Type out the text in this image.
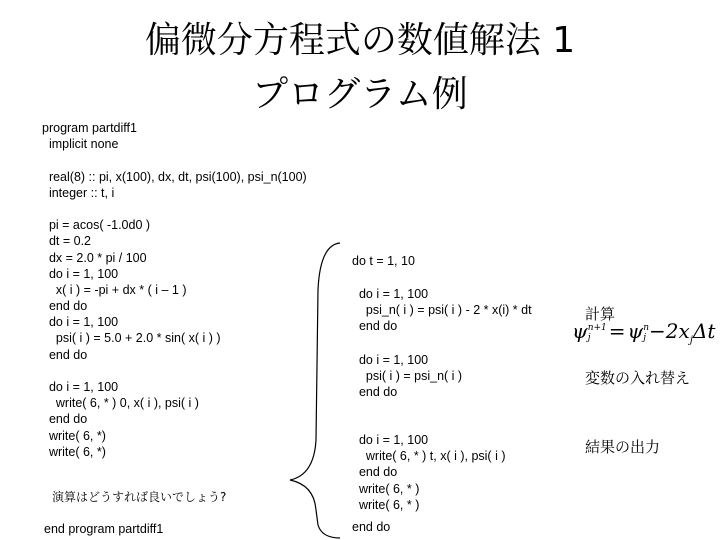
偏微分方程式の数値解法 1
プログラム例
program partdiff1
implicit none
real(8) :: pi, x(100), dx, dt, psi(100), psi_n(100)
integer :: t, i
pi = acos( -1.0d0 )
dt = 0.2
dx = 2.0 * pi / 100
do i = 1, 100
x( i ) = -pi + dx * ( i – 1 )
end do
do i = 1, 100
psi( i ) = 5.0 + 2.0 * sin( x( i ) )
end do
do i = 1, 100
write( 6, * ) 0, x( i ), psi( i )
end do
write( 6, *)
write( 6, *)
演算はどうすれば良いでしょう?
end program partdiff1
do t = 1, 10
do i = 1, 100
psi_n( i ) = psi( i ) - 2 * x(i) * dt
end do
do i = 1, 100
psi( i ) = psi_n( i )
end do
do i = 1, 100
write( 6, * ) t, x( i ), psi( i )
end do
write( 6, * )
write( 6, * )
end do
計算
変数の入れ替え
結果の出力
ψ n+1
j = ψ n
$j -2x_j\Delta t$
